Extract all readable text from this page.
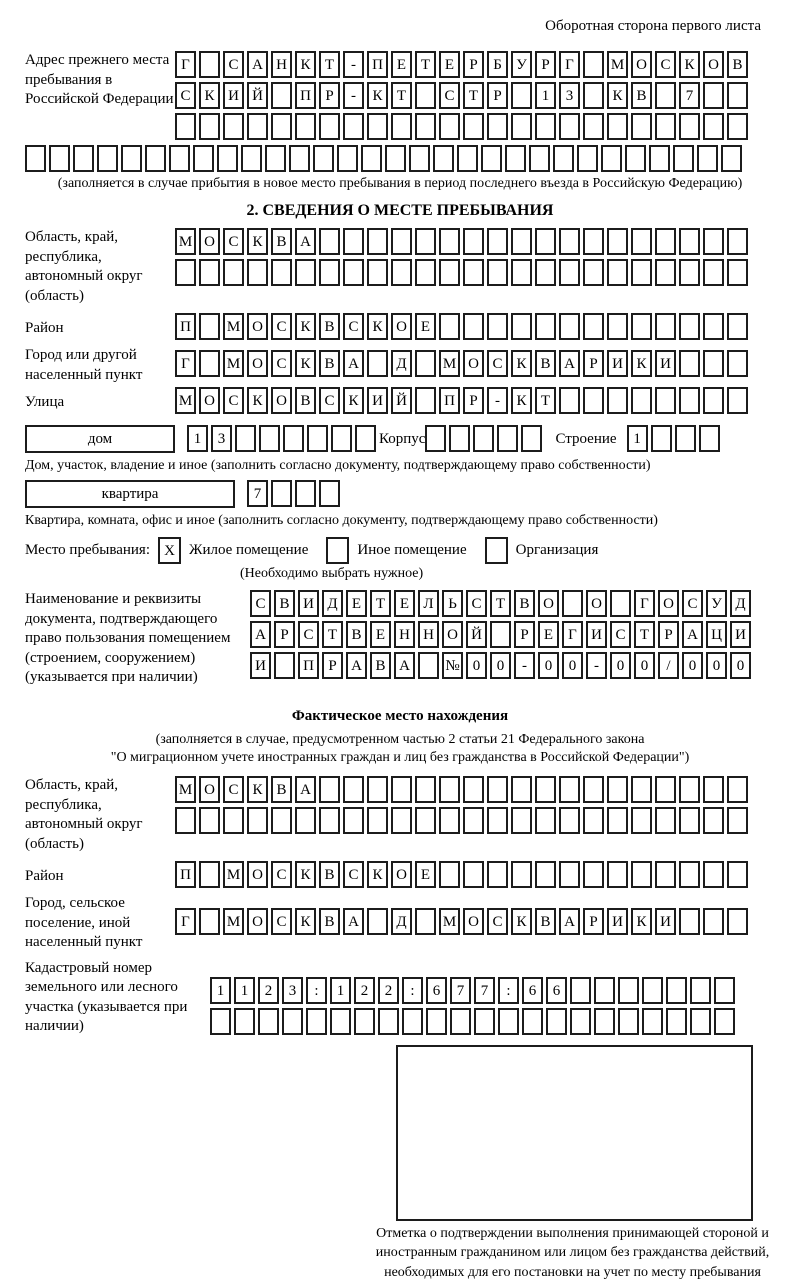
Оборотная сторона первого листа
Адрес прежнего места пребывания в Российской Федерации
Г	С А Н К Т - П Е Т Е Р Б У Р Г М О С К О В
С К И Й П Р - К Т	С Т Р	1 3	К В	7
(заполняется в случае прибытия в новое место пребывания в период последнего въезда в Российскую Федерацию)
2. СВЕДЕНИЯ О МЕСТЕ ПРЕБЫВАНИЯ
Область, край, республика, автономный округ (область)
М О С К В А
Район	П М О С К В С К О Е
Город или другой населенный пункт
Г М О С К В А Д М О С К В А Р И К И
Улица	М О С К О В С К И Й П Р - К Т
дом	1 3	Корпус	Строение 1
Дом, участок, владение и иное (заполнить согласно документу, подтверждающему право собственности)
квартира	7
Квартира, комната, офис и иное (заполнить согласно документу, подтверждающему право собственности)
Место пребывания: X Жилое помещение	Иное помещение	Организация
(Необходимо выбрать нужное)
Наименование и реквизиты документа, подтверждающего право пользования помещением (строением, сооружением) (указывается при наличии)
С В И Д Е Т Е Л Ь С Т В О О	Г О С У Д
А Р С Т В Е Н Н О Й	Р Е Г И С Т Р А Ц И
И П Р А В А № 0 0 - 0 0 - 0 0 / 0 0 0
Фактическое место нахождения
(заполняется в случае, предусмотренном частью 2 статьи 21 Федерального закона
"О миграционном учете иностранных граждан и лиц без гражданства в Российской Федерации")
Область, край, республика, автономный округ (область)
М О С К В А
Район	П М О С К В С К О Е
Город, сельское поселение, иной населенный пункт
Г М О С К В А Д М О С К В А Р И К И
Кадастровый номер земельного или лесного участка (указывается при наличии)
1 1 2 3 : 1 2 2 : 6 7 7 : 6 6
Отметка о подтверждении выполнения принимающей стороной и иностранным гражданином или лицом без гражданства действий, необходимых для его постановки на учет по месту пребывания
